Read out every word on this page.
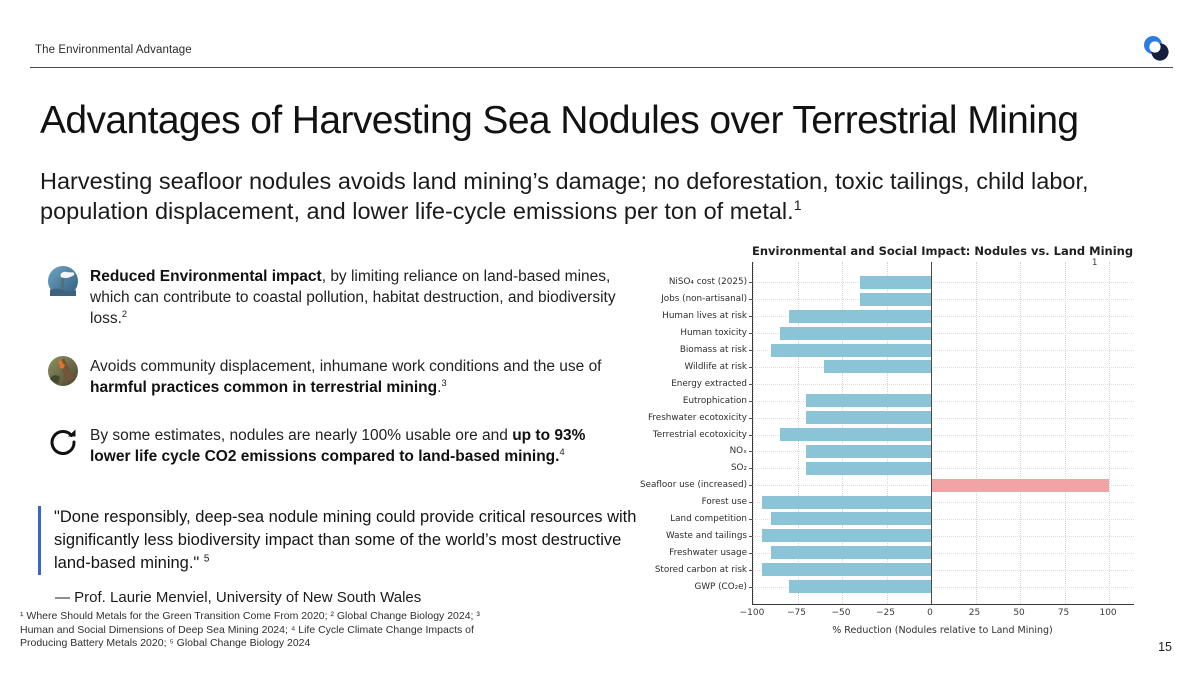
The Environmental Advantage
Advantages of Harvesting Sea Nodules over Terrestrial Mining
Harvesting seafloor nodules avoids land mining’s damage; no deforestation, toxic tailings, child labor, population displacement, and lower life-cycle emissions per ton of metal.$^1$
Reduced Environmental impact, by limiting reliance on land-based mines, which can contribute to coastal pollution, habitat destruction, and biodiversity loss.$^2$
Avoids community displacement, inhumane work conditions and the use of harmful practices common in terrestrial mining.$^3$
By some estimates, nodules are nearly 100% usable ore and up to 93% lower life cycle CO2 emissions compared to land-based mining.$^4$
"Done responsibly, deep-sea nodule mining could provide critical resources with significantly less biodiversity impact than some of the world’s most destructive land-based mining." $^5$
— Prof. Laurie Menviel, University of New South Wales
¹ Where Should Metals for the Green Transition Come From 2020; ² Global Change Biology 2024; ³ Human and Social Dimensions of Deep Sea Mining 2024; ⁴ Life Cycle Climate Change Impacts of Producing Battery Metals 2020; ⁵ Global Change Biology 2024	15
Environmental and Social Impact: Nodules vs. Land Mining
1
NiSO₄ cost (2025)
Jobs (non-artisanal)
Human lives at risk
Human toxicity
Biomass at risk
Wildlife at risk
Energy extracted
Eutrophication
Freshwater ecotoxicity
Terrestrial ecotoxicity
NOₓ
SO₂
Seafloor use (increased)
Forest use
Land competition
Waste and tailings
Freshwater usage
Stored carbon at risk
GWP (CO₂e)
% Reduction (Nodules relative to Land Mining)
−100	−75	−50	−25	0	25	50	75	100
